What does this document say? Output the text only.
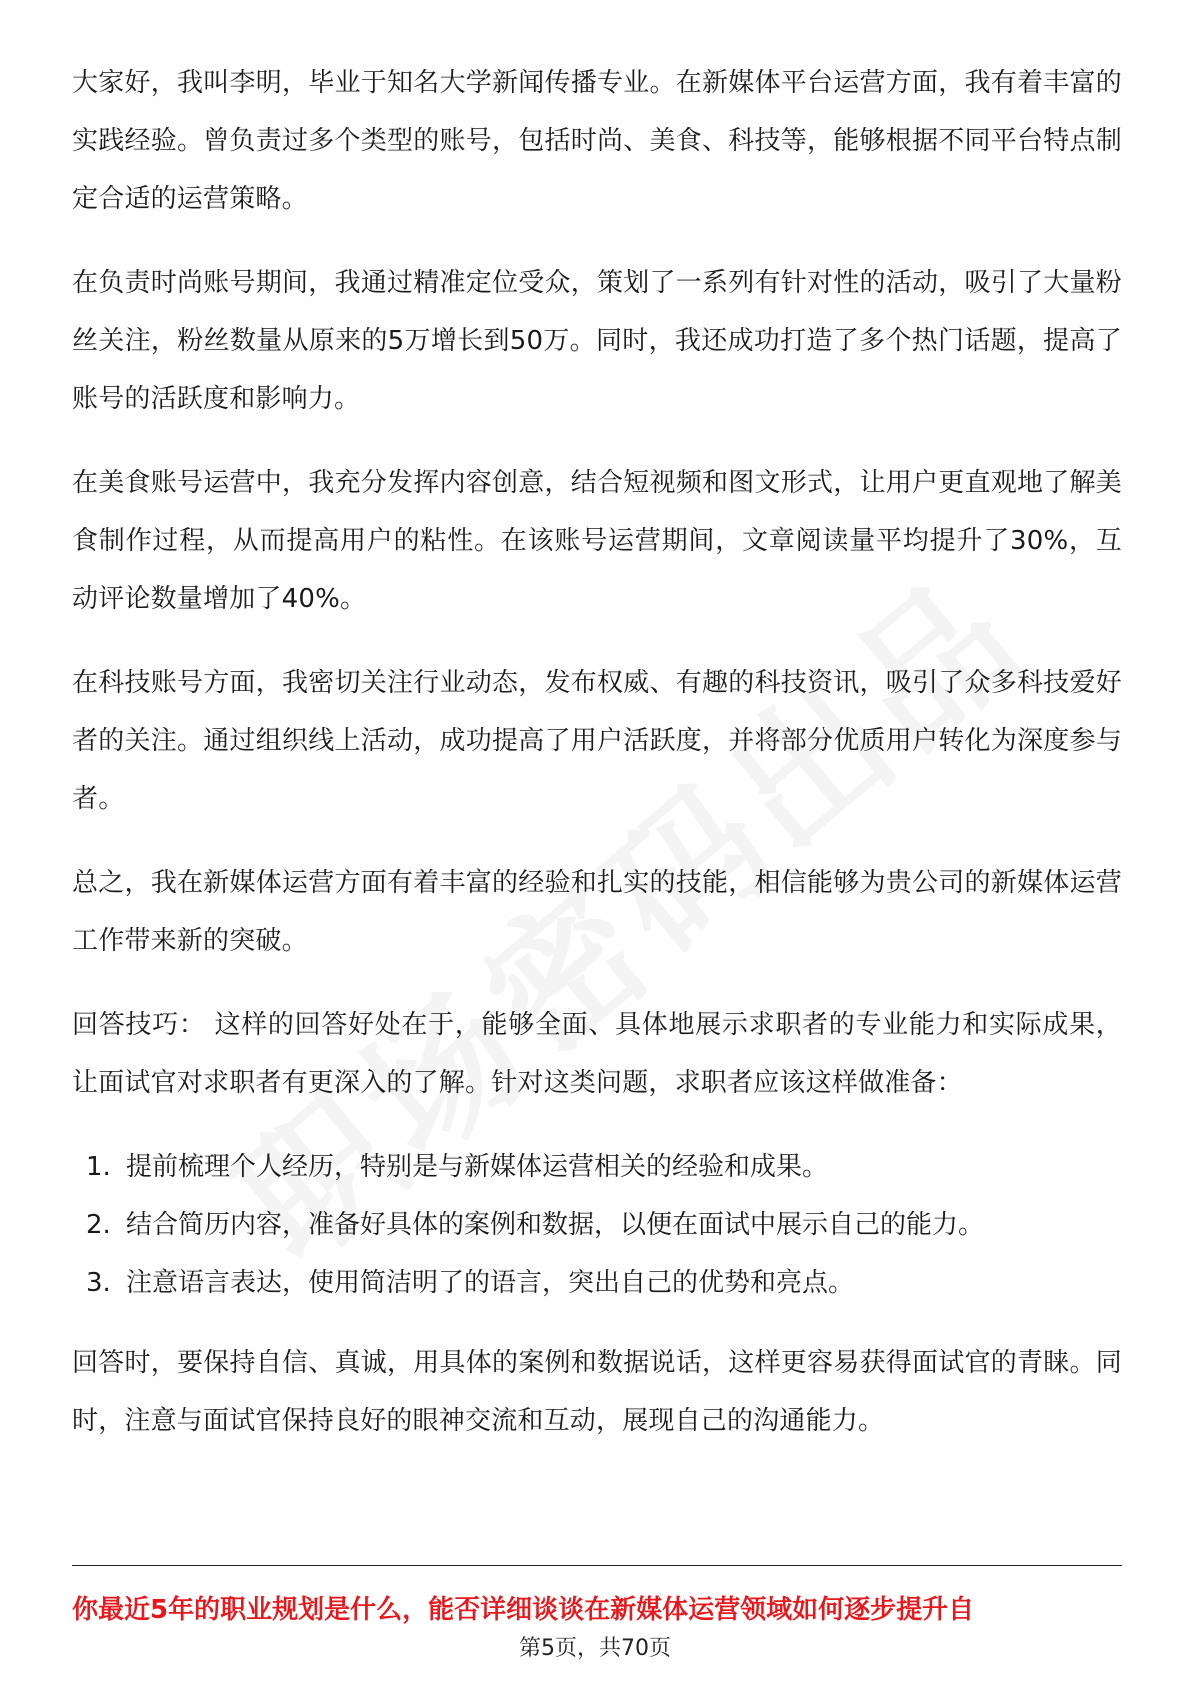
大家好，我叫李明，毕业于知名大学新闻传播专业。在新媒体平台运营方面，我有着丰富的实践经验。曾负责过多个类型的账号，包括时尚、美食、科技等，能够根据不同平台特点制定合适的运营策略。

在负责时尚账号期间，我通过精准定位受众，策划了一系列有针对性的活动，吸引了大量粉丝关注，粉丝数量从原来的5万增长到50万。同时，我还成功打造了多个热门话题，提高了账号的活跃度和影响力。

在美食账号运营中，我充分发挥内容创意，结合短视频和图文形式，让用户更直观地了解美食制作过程，从而提高用户的粘性。在该账号运营期间，文章阅读量平均提升了30%，互动评论数量增加了40%。

在科技账号方面，我密切关注行业动态，发布权威、有趣的科技资讯，吸引了众多科技爱好者的关注。通过组织线上活动，成功提高了用户活跃度，并将部分优质用户转化为深度参与者。

总之，我在新媒体运营方面有着丰富的经验和扎实的技能，相信能够为贵公司的新媒体运营工作带来新的突破。

回答技巧： 这样的回答好处在于，能够全面、具体地展示求职者的专业能力和实际成果，让面试官对求职者有更深入的了解。针对这类问题，求职者应该这样做准备：

1. 提前梳理个人经历，特别是与新媒体运营相关的经验和成果。
2. 结合简历内容，准备好具体的案例和数据，以便在面试中展示自己的能力。
3. 注意语言表达，使用简洁明了的语言，突出自己的优势和亮点。

回答时，要保持自信、真诚，用具体的案例和数据说话，这样更容易获得面试官的青睐。同时，注意与面试官保持良好的眼神交流和互动，展现自己的沟通能力。

你最近5年的职业规划是什么，能否详细谈谈在新媒体运营领域如何逐步提升自
第5页，共70页
